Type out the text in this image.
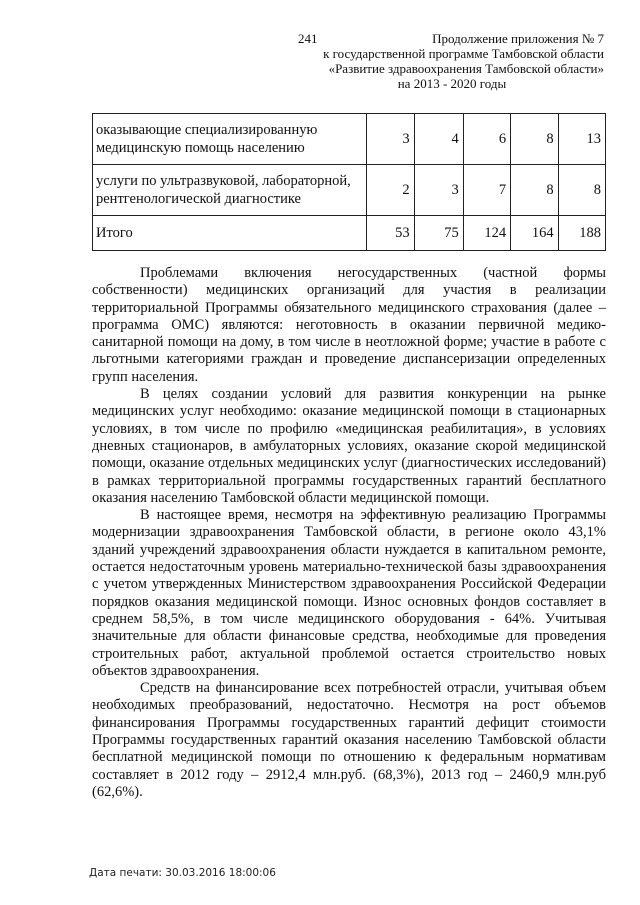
241	Продолжение приложения № 7
к государственной программе Тамбовской области
«Развитие здравоохранения Тамбовской области»
на 2013 - 2020 годы
оказывающие специализированную медицинскую помощь населению	3	4	6	8	13
услуги по ультразвуковой, лабораторной, рентгенологической диагностике	2	3	7	8	8
Итого	53	75	124	164	188

Проблемами включения негосударственных (частной формы собственности) медицинских организаций для участия в реализации территориальной Программы обязательного медицинского страхования (далее – программа ОМС) являются: неготовность в оказании первичной медико-санитарной помощи на дому, в том числе в неотложной форме; участие в работе с льготными категориями граждан и проведение диспансеризации определенных групп населения.

В целях создании условий для развития конкуренции на рынке медицинских услуг необходимо: оказание медицинской помощи в стационарных условиях, в том числе по профилю «медицинская реабилитация», в условиях дневных стационаров, в амбулаторных условиях, оказание скорой медицинской помощи, оказание отдельных медицинских услуг (диагностических исследований) в рамках территориальной программы государственных гарантий бесплатного оказания населению Тамбовской области медицинской помощи.

В настоящее время, несмотря на эффективную реализацию Программы модернизации здравоохранения Тамбовской области, в регионе около 43,1% зданий учреждений здравоохранения области нуждается в капитальном ремонте, остается недостаточным уровень материально-технической базы здравоохранения с учетом утвержденных Министерством здравоохранения Российской Федерации порядков оказания медицинской помощи. Износ основных фондов составляет в среднем 58,5%, в том числе медицинского оборудования - 64%. Учитывая значительные для области финансовые средства, необходимые для проведения строительных работ, актуальной проблемой остается строительство новых объектов здравоохранения.

Средств на финансирование всех потребностей отрасли, учитывая объем необходимых преобразований, недостаточно. Несмотря на рост объемов финансирования Программы государственных гарантий дефицит стоимости Программы государственных гарантий оказания населению Тамбовской области бесплатной медицинской помощи по отношению к федеральным нормативам составляет в 2012 году – 2912,4 млн.руб. (68,3%), 2013 год – 2460,9 млн.руб (62,6%).

Дата печати: 30.03.2016 18:00:06
